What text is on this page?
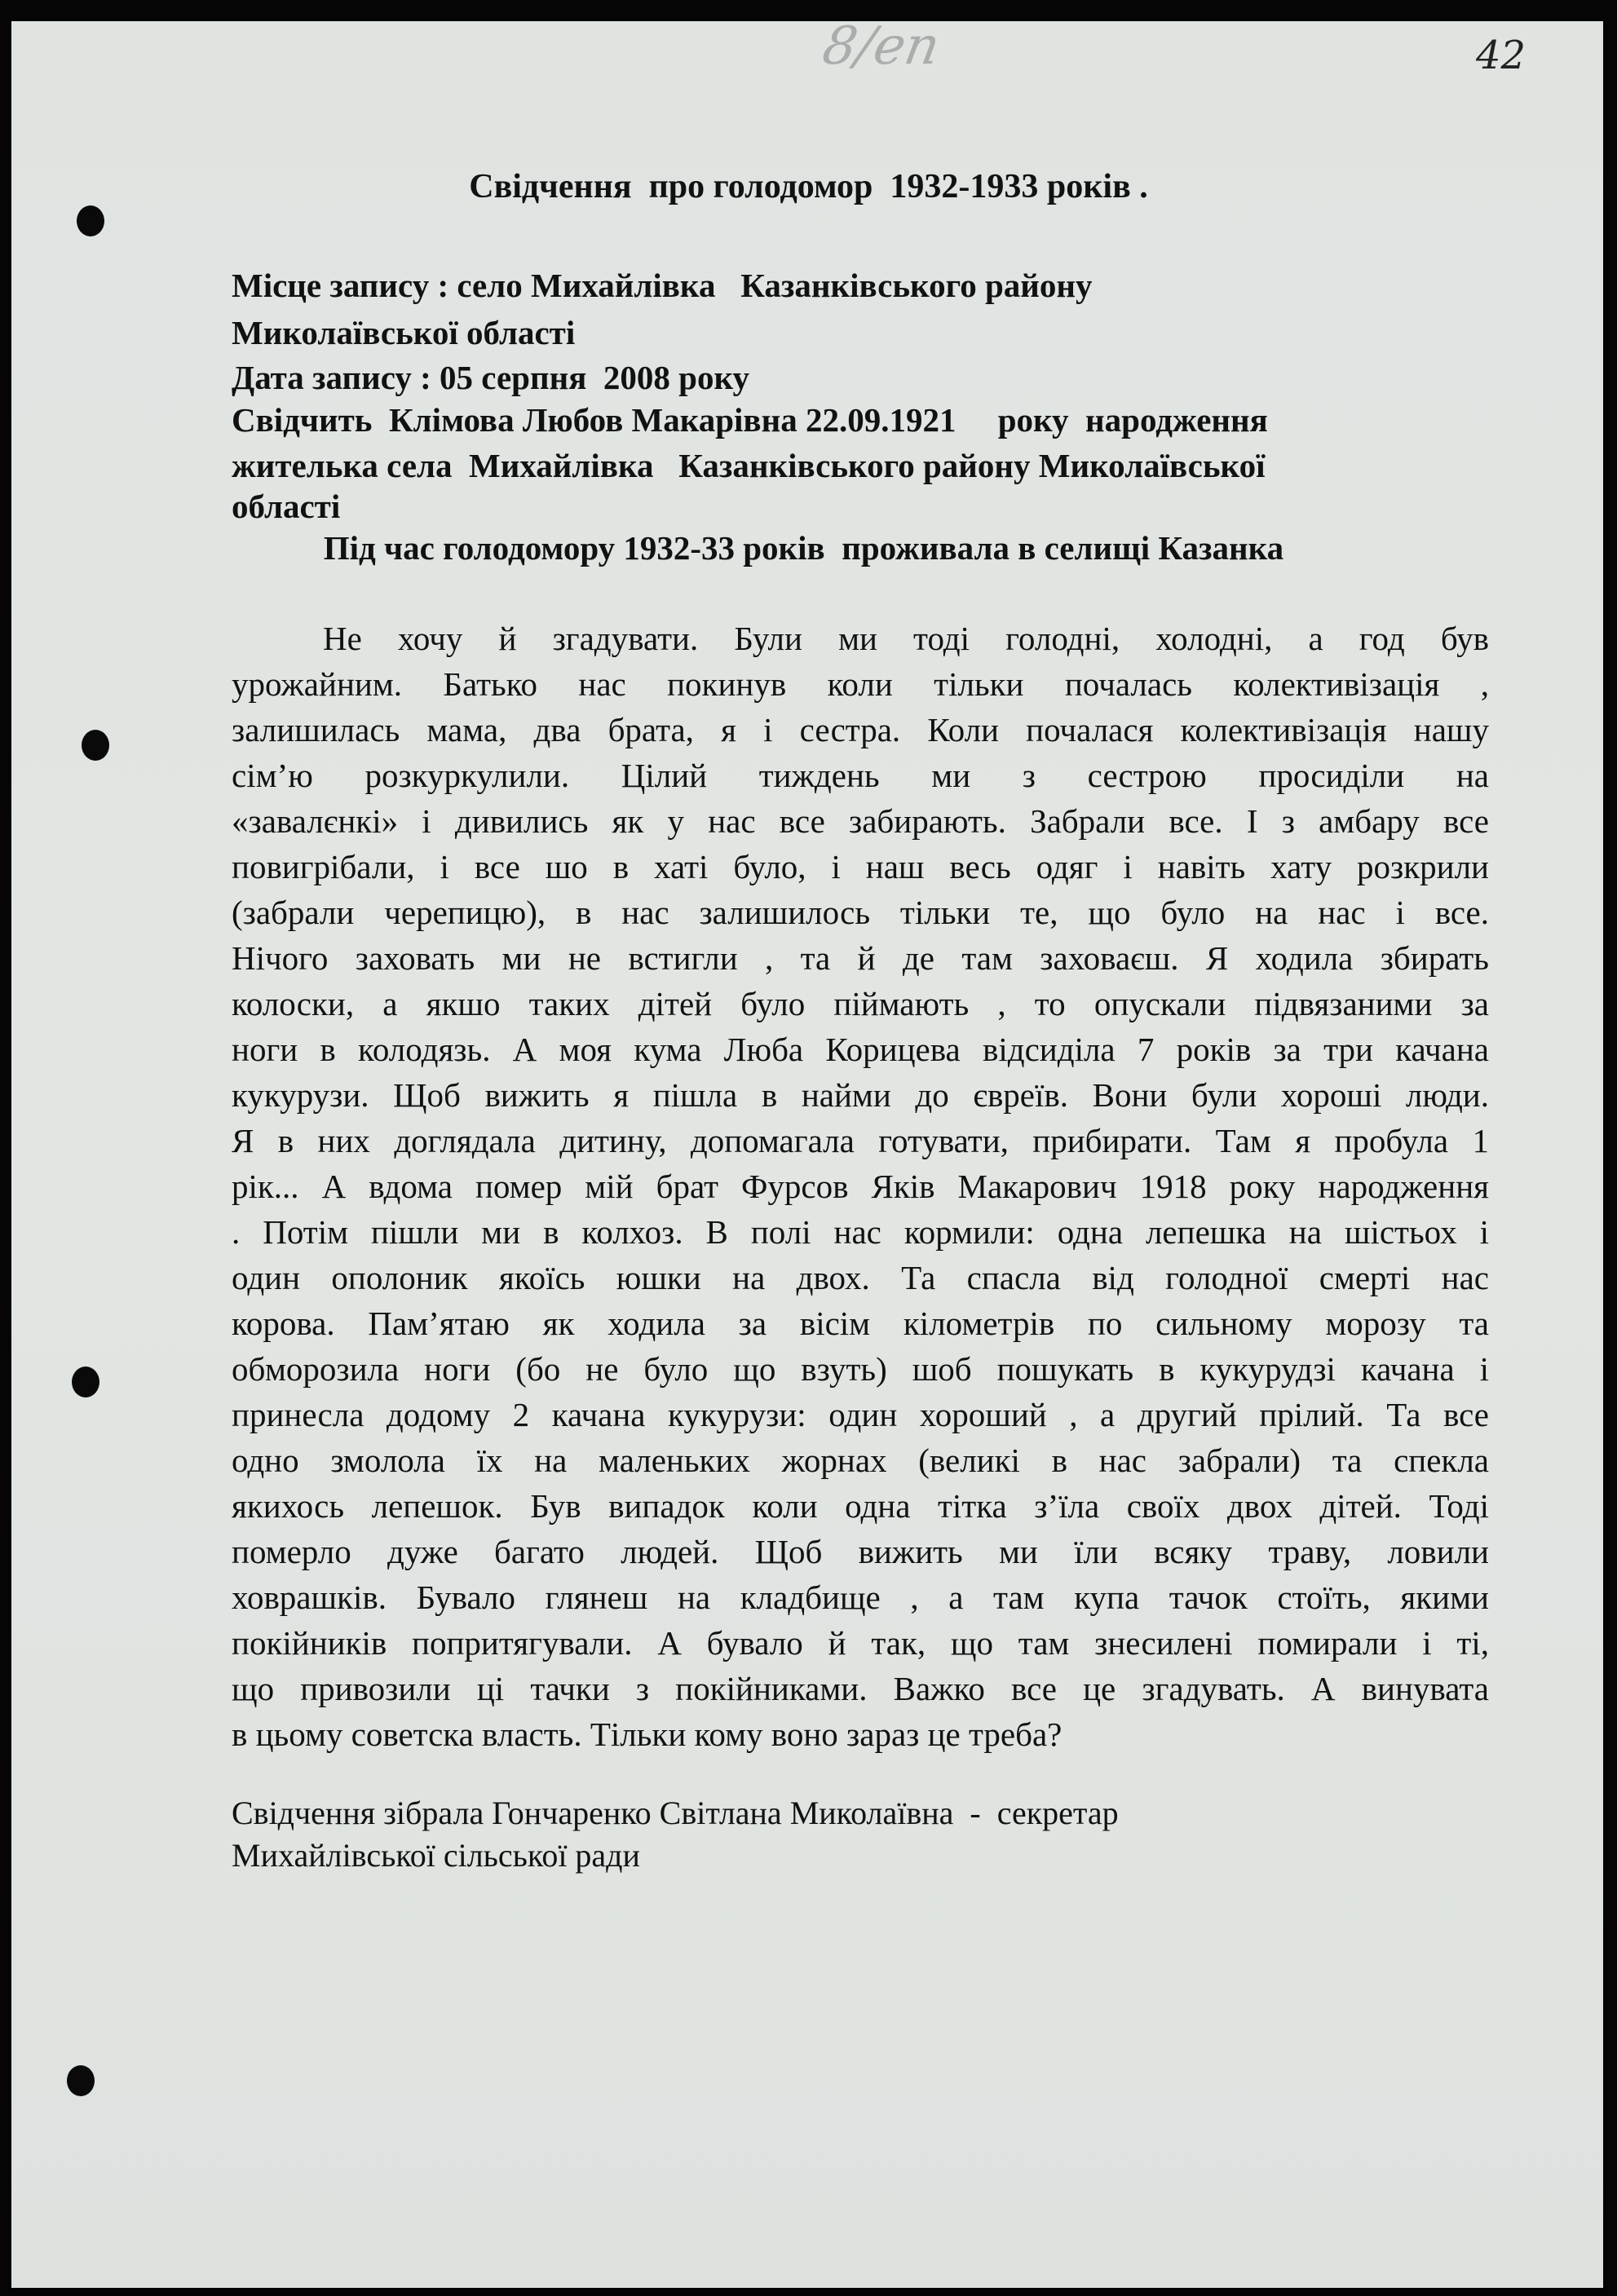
8/en	42
Свідчення  про голодомор  1932-1933 років .
Місце запису : село Михайлівка   Казанківського району
Миколаївської області
Дата запису : 05 серпня  2008 року
Свідчить  Клімова Любов Макарівна 22.09.1921     року  народження
жителька села  Михайлівка   Казанківського району Миколаївської
області
Під час голодомору 1932-33 років  проживала в селищі Казанка
Не хочу й згадувати. Були ми тоді голодні, холодні, а год був
урожайним. Батько нас покинув коли тільки почалась колективізація ,
залишилась мама, два брата, я і сестра. Коли почалася колективізація нашу
сім’ю розкуркулили. Цілий тиждень ми з сестрою просиділи на
«завалєнкі» і дивились як у нас все забирають. Забрали все. І з амбару все
повигрібали, і все шо в хаті було, і наш весь одяг і навіть хату розкрили
(забрали черепицю), в нас залишилось тільки те, що було на нас і все.
Нічого заховать ми не встигли , та й де там заховаєш. Я ходила збирать
колоски, а якшо таких дітей було піймають , то опускали підвязаними за
ноги в колодязь. А моя кума Люба Корицева відсиділа 7 років за три качана
кукурузи. Щоб вижить я пішла в найми до євреїв. Вони були хороші люди.
Я в них доглядала дитину, допомагала готувати, прибирати. Там я пробула 1
рік... А вдома помер мій брат Фурсов Яків Макарович 1918 року народження
. Потім пішли ми в колхоз. В полі нас кормили: одна лепешка на шістьох і
один ополоник якоїсь юшки на двох. Та спасла від голодної смерті нас
корова. Пам’ятаю як ходила за вісім кілометрів по сильному морозу та
обморозила ноги (бо не було що взуть) шоб пошукать в кукурудзі качана і
принесла додому 2 качана кукурузи: один хороший , а другий прілий. Та все
одно змолола їх на маленьких жорнах (великі в нас забрали) та спекла
якихось лепешок. Був випадок коли одна тітка з’їла своїх двох дітей. Тоді
померло дуже багато людей. Щоб вижить ми їли всяку траву, ловили
ховрашків. Бувало глянеш на кладбище , а там купа тачок стоїть, якими
покійників попритягували. А бувало й так, що там знесилені помирали і ті,
що привозили ці тачки з покійниками. Важко все це згадувать. А винувата
в цьому советска власть. Тільки кому воно зараз це треба?
Свідчення зібрала Гончаренко Світлана Миколаївна  -  секретар
Михайлівської сільської ради
